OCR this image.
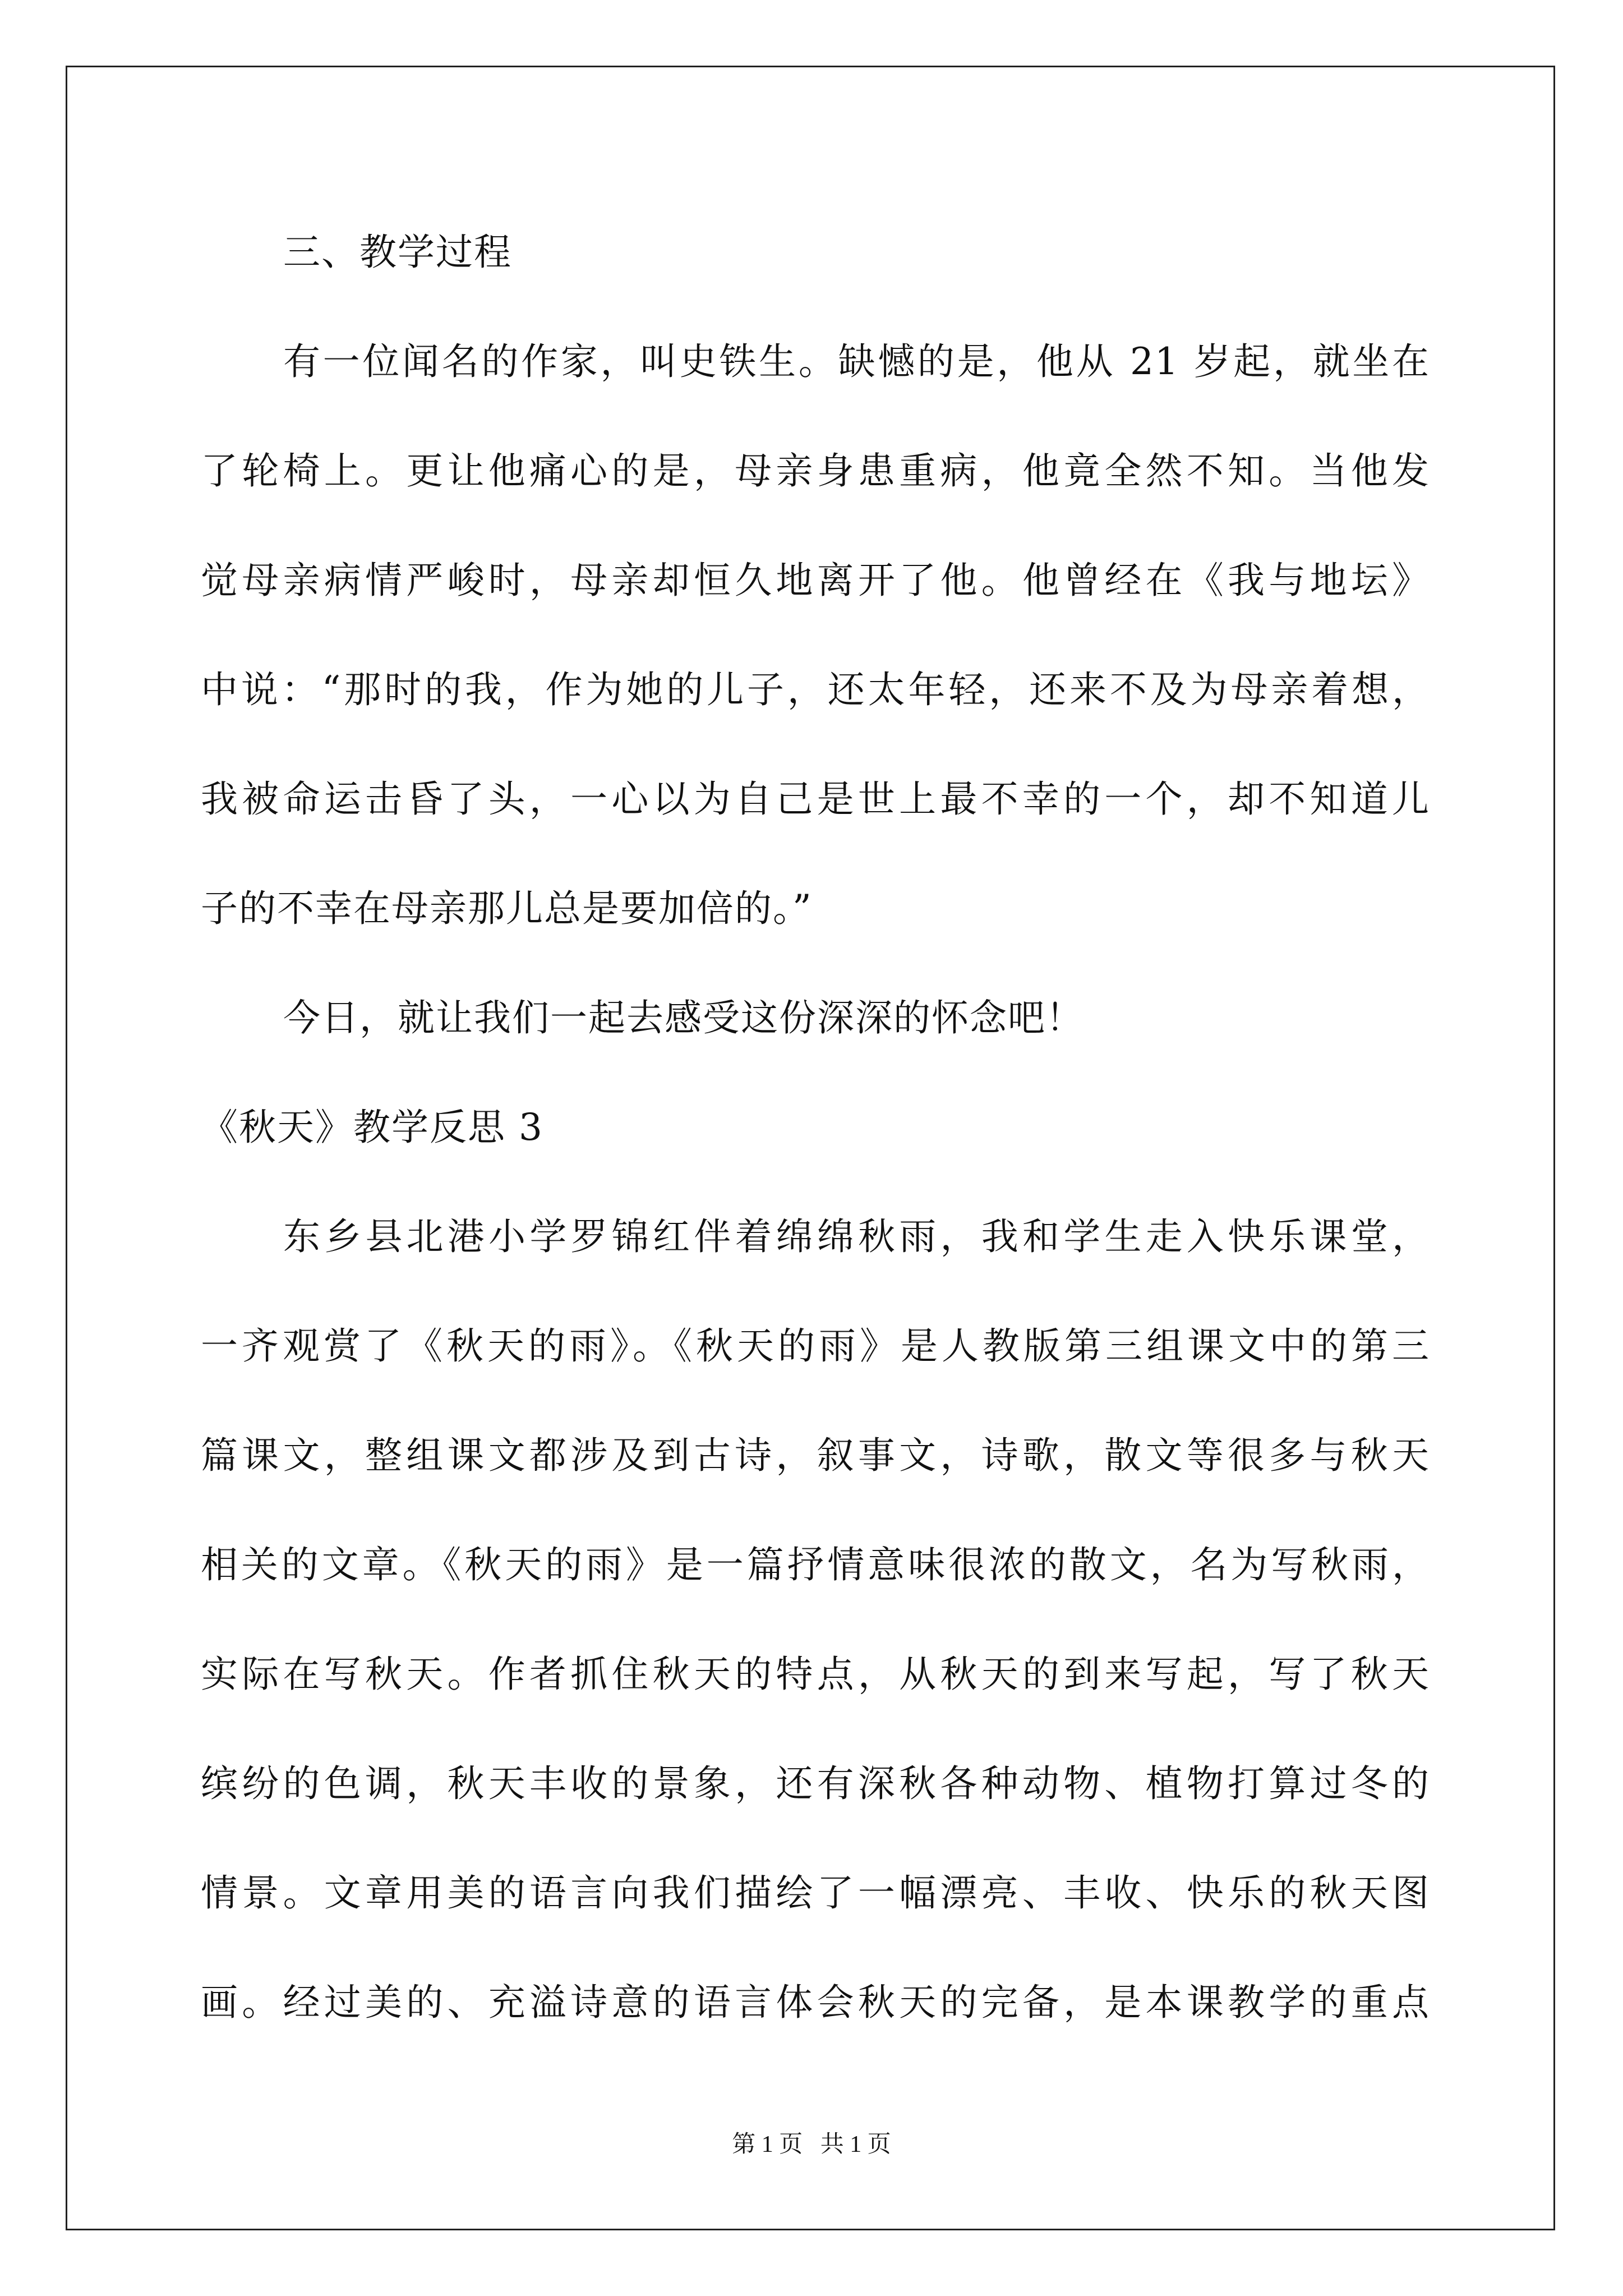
三、教学过程
有一位闻名的作家，叫史铁生。缺憾的是，他从 21 岁起，就坐在
了轮椅上。更让他痛心的是，母亲身患重病，他竟全然不知。当他发
觉母亲病情严峻时，母亲却恒久地离开了他。他曾经在《我与地坛》
中说：“那时的我，作为她的儿子，还太年轻，还来不及为母亲着想，
我被命运击昏了头，一心以为自己是世上最不幸的一个，却不知道儿
子的不幸在母亲那儿总是要加倍的。”
今日，就让我们一起去感受这份深深的怀念吧！
《秋天》教学反思 3
东乡县北港小学罗锦红伴着绵绵秋雨，我和学生走入快乐课堂，
一齐观赏了《秋天的雨》。《秋天的雨》是人教版第三组课文中的第三
篇课文，整组课文都涉及到古诗，叙事文，诗歌，散文等很多与秋天
相关的文章。《秋天的雨》是一篇抒情意味很浓的散文，名为写秋雨，
实际在写秋天。作者抓住秋天的特点，从秋天的到来写起，写了秋天
缤纷的色调，秋天丰收的景象，还有深秋各种动物、植物打算过冬的
情景。文章用美的语言向我们描绘了一幅漂亮、丰收、快乐的秋天图
画。经过美的、充溢诗意的语言体会秋天的完备，是本课教学的重点
第 1 页   共 1 页
